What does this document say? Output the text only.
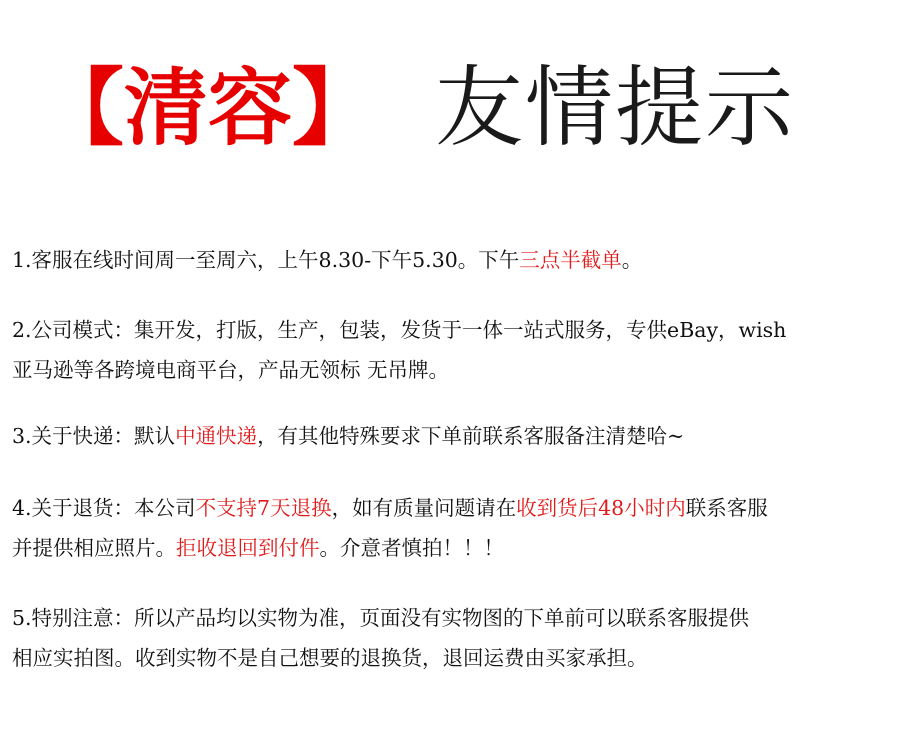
【清容】 友情提示
1.客服在线时间周一至周六，上午8.30-下午5.30。下午三点半截单。
2.公司模式：集开发，打版，生产，包装，发货于一体一站式服务，专供eBay，wish
亚马逊等各跨境电商平台，产品无领标 无吊牌。
3.关于快递：默认中通快递，有其他特殊要求下单前联系客服备注清楚哈~
4.关于退货：本公司不支持7天退换，如有质量问题请在收到货后48小时内联系客服
并提供相应照片。拒收退回到付件。介意者慎拍！！！
5.特别注意：所以产品均以实物为准，页面没有实物图的下单前可以联系客服提供
相应实拍图。收到实物不是自己想要的退换货，退回运费由买家承担。
